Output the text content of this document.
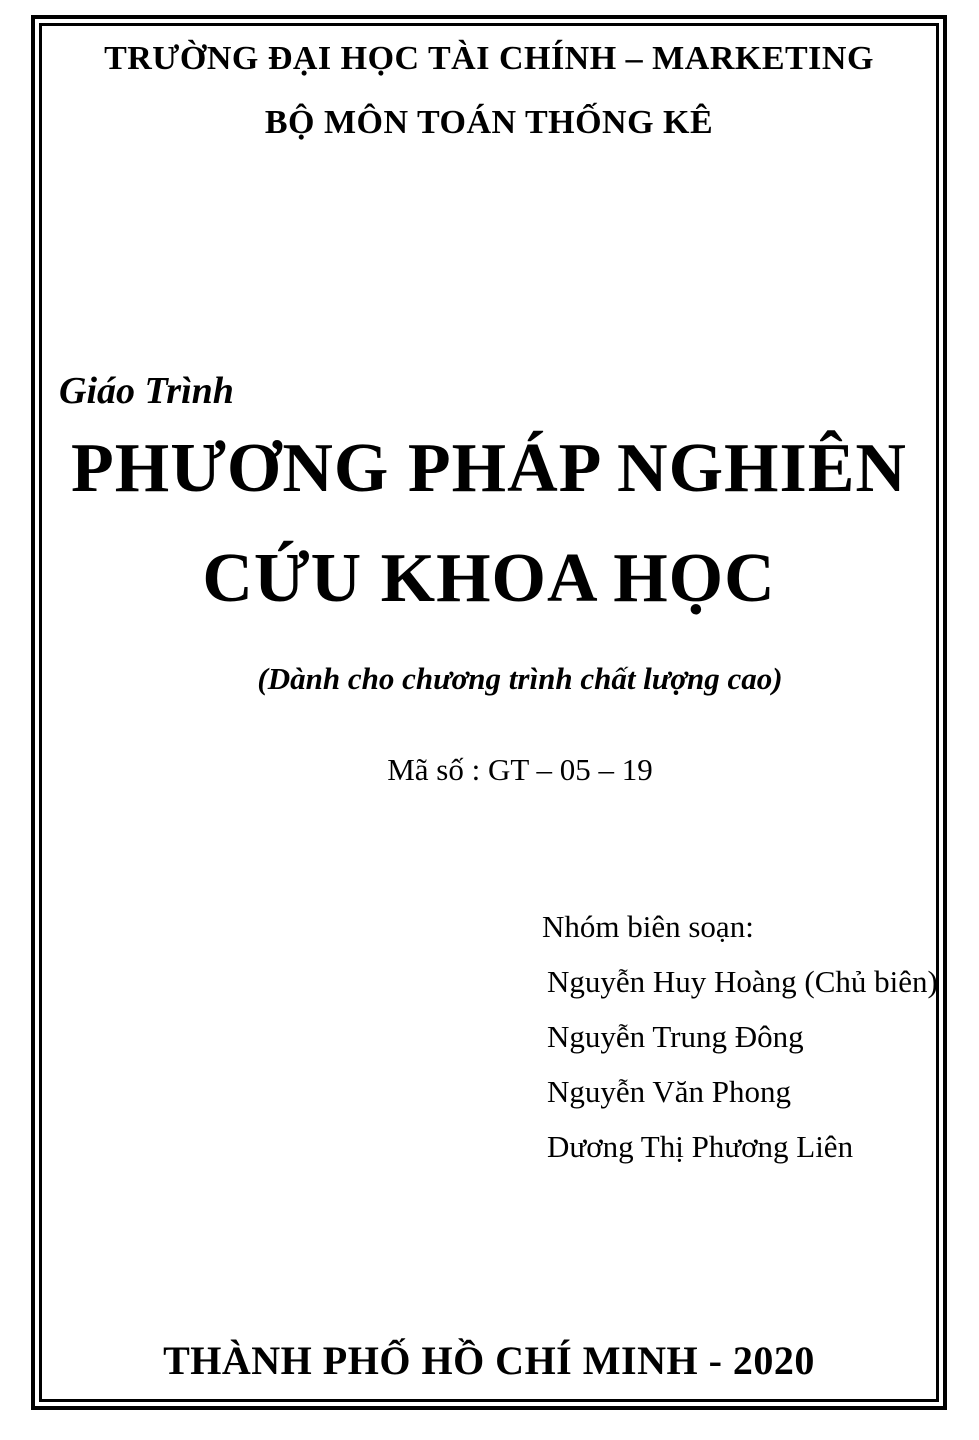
TRƯỜNG ĐẠI HỌC TÀI CHÍNH – MARKETING
BỘ MÔN TOÁN THỐNG KÊ
Giáo Trình
PHƯƠNG PHÁP NGHIÊN
CỨU KHOA HỌC
(Dành cho chương trình chất lượng cao)
Mã số : GT – 05 – 19
Nhóm biên soạn:
Nguyễn Huy Hoàng (Chủ biên)
Nguyễn Trung Đông
Nguyễn Văn Phong
Dương Thị Phương Liên
THÀNH PHỐ HỒ CHÍ MINH - 2020
